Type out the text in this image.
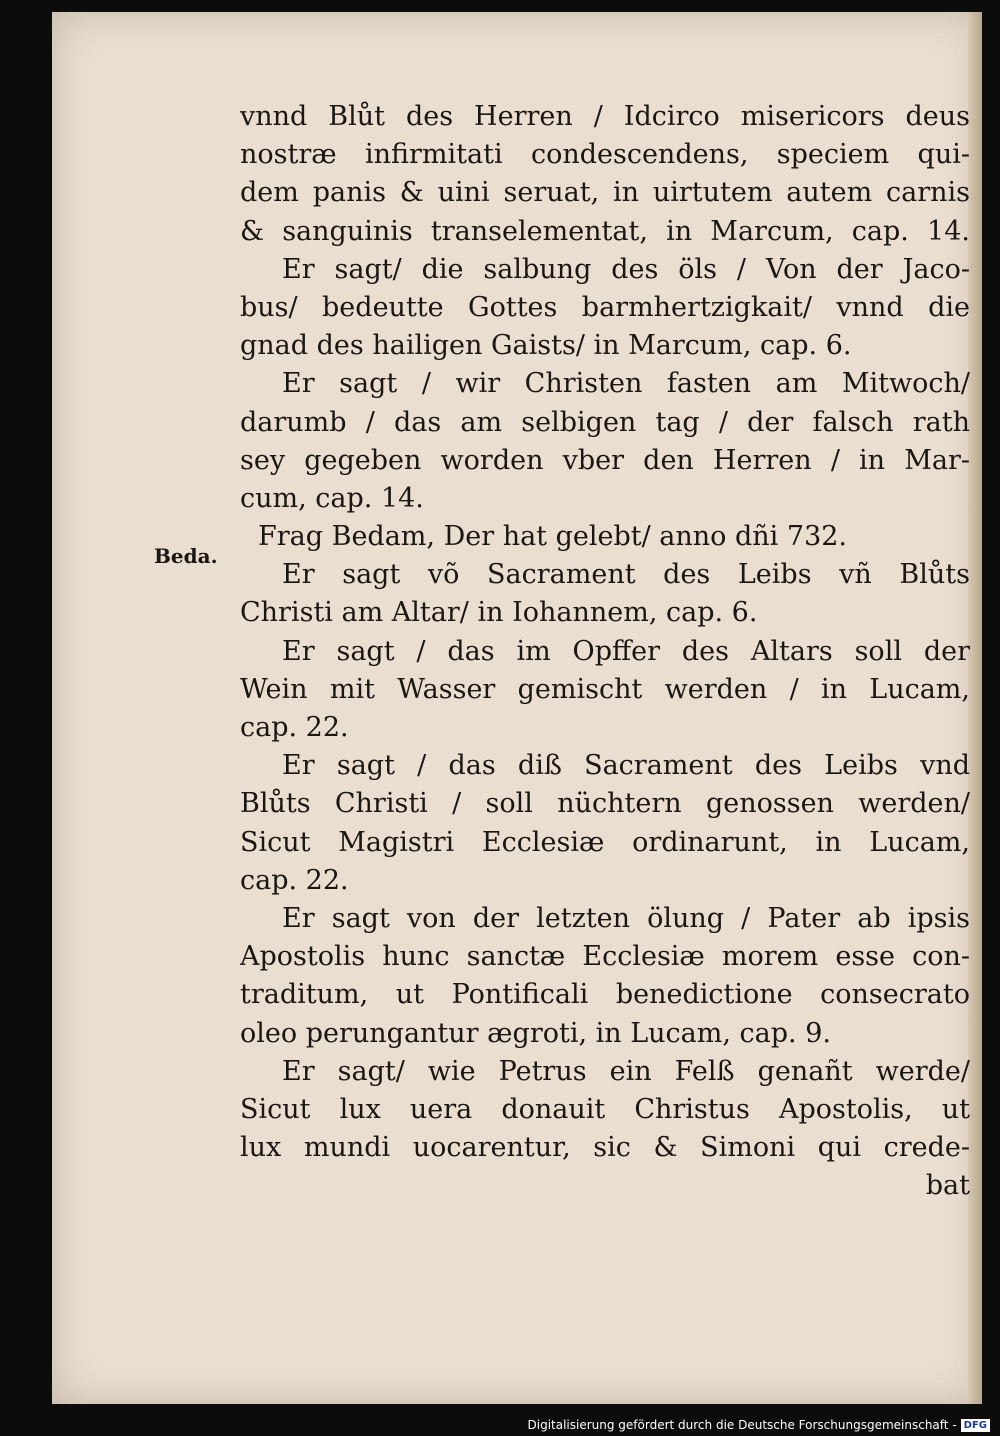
Beda.
vnnd Blůt des Herren / Idcirco misericors deus
nostræ infirmitati condescendens, speciem qui-
dem panis & uini seruat, in uirtutem autem carnis
& sanguinis transelementat, in Marcum, cap. 14.
Er sagt/ die salbung des öls / Von der Jaco-
bus/ bedeutte Gottes barmhertzigkait/ vnnd die
gnad des hailigen Gaists/ in Marcum, cap. 6.
Er sagt / wir Christen fasten am Mitwoch/
darumb / das am selbigen tag / der falsch rath
sey gegeben worden vber den Herren / in Mar-
cum, cap. 14.
Frag Bedam, Der hat gelebt/ anno dñi 732.
Er sagt võ Sacrament des Leibs vñ Blůts
Christi am Altar/ in Iohannem, cap. 6.
Er sagt / das im Opffer des Altars soll der
Wein mit Wasser gemischt werden / in Lucam,
cap. 22.
Er sagt / das diß Sacrament des Leibs vnd
Blůts Christi / soll nüchtern genossen werden/
Sicut Magistri Ecclesiæ ordinarunt, in Lucam,
cap. 22.
Er sagt von der letzten ölung / Pater ab ipsis
Apostolis hunc sanctæ Ecclesiæ morem esse con-
traditum, ut Pontificali benedictione consecrato
oleo perungantur ægroti, in Lucam, cap. 9.
Er sagt/ wie Petrus ein Felß genañt werde/
Sicut lux uera donauit Christus Apostolis, ut
lux mundi uocarentur, sic & Simoni qui crede-
bat
Digitalisierung gefördert durch die Deutsche Forschungsgemeinschaft - DFG
